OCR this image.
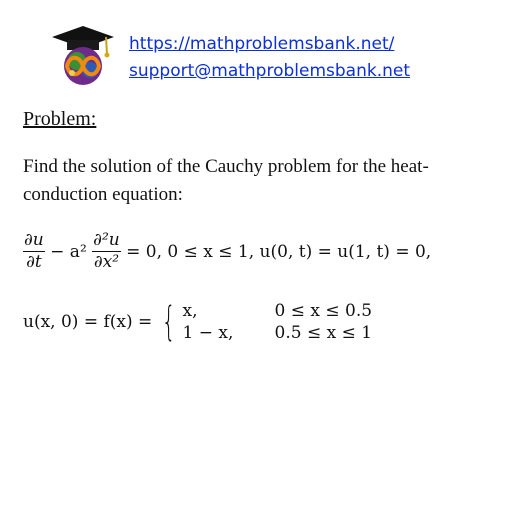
https://mathproblemsbank.net/
support@mathproblemsbank.net
Problem:
Find the solution of the Cauchy problem for the heat-conduction equation:
$\frac{\partial u}{\partial t} - a^2 \frac{\text{∂²u}}{\text{∂x²}} = 0$, 0 ≤ x ≤ 1, u(0, t) = u(1, t) = 0,
u(x, 0) = f(x) = { x,	0 ≤ x ≤ 0.5
1 − x,	0.5 ≤ x ≤ 1
